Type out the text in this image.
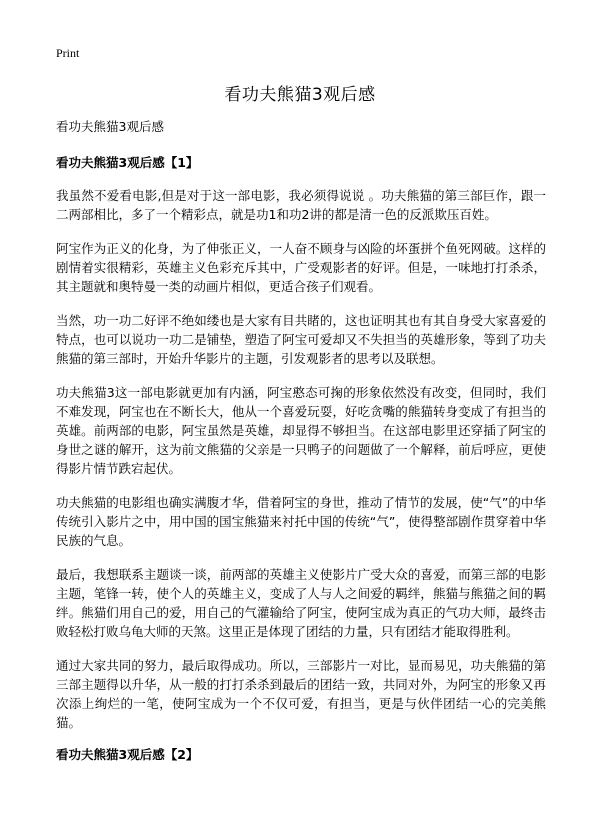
Print
看功夫熊猫3观后感
看功夫熊猫3观后感
看功夫熊猫3观后感【1】

我虽然不爱看电影,但是对于这一部电影，我必须得说说 。功夫熊猫的第三部巨作，跟一二两部相比，多了一个精彩点，就是功1和功2讲的都是清一色的反派欺压百姓。

阿宝作为正义的化身，为了伸张正义，一人奋不顾身与凶险的坏蛋拼个鱼死网破。这样的剧情着实很精彩，英雄主义色彩充斥其中，广受观影者的好评。但是，一味地打打杀杀，其主题就和奥特曼一类的动画片相似，更适合孩子们观看。

当然，功一功二好评不绝如缕也是大家有目共睹的，这也证明其也有其自身受大家喜爱的特点，也可以说功一功二是铺垫，塑造了阿宝可爱却又不失担当的英雄形象，等到了功夫熊猫的第三部时，开始升华影片的主题，引发观影者的思考以及联想。

功夫熊猫3这一部电影就更加有内涵，阿宝憨态可掬的形象依然没有改变，但同时，我们不难发现，阿宝也在不断长大，他从一个喜爱玩耍，好吃贪嘴的熊猫转身变成了有担当的英雄。前两部的电影，阿宝虽然是英雄，却显得不够担当。在这部电影里还穿插了阿宝的身世之谜的解开，这为前文熊猫的父亲是一只鸭子的问题做了一个解释，前后呼应，更使得影片情节跌宕起伏。

功夫熊猫的电影组也确实满腹才华，借着阿宝的身世，推动了情节的发展，使“气”的中华传统引入影片之中，用中国的国宝熊猫来衬托中国的传统“气”，使得整部剧作贯穿着中华民族的气息。

最后，我想联系主题谈一谈，前两部的英雄主义使影片广受大众的喜爱，而第三部的电影主题，笔锋一转，使个人的英雄主义，变成了人与人之间爱的羁绊，熊猫与熊猫之间的羁绊。熊猫们用自己的爱，用自己的气灌输给了阿宝，使阿宝成为真正的气功大师，最终击败轻松打败乌龟大师的天煞。这里正是体现了团结的力量，只有团结才能取得胜利。

通过大家共同的努力，最后取得成功。所以，三部影片一对比，显而易见，功夫熊猫的第三部主题得以升华，从一般的打打杀杀到最后的团结一致，共同对外，为阿宝的形象又再次添上绚烂的一笔，使阿宝成为一个不仅可爱，有担当，更是与伙伴团结一心的完美熊猫。

看功夫熊猫3观后感【2】
